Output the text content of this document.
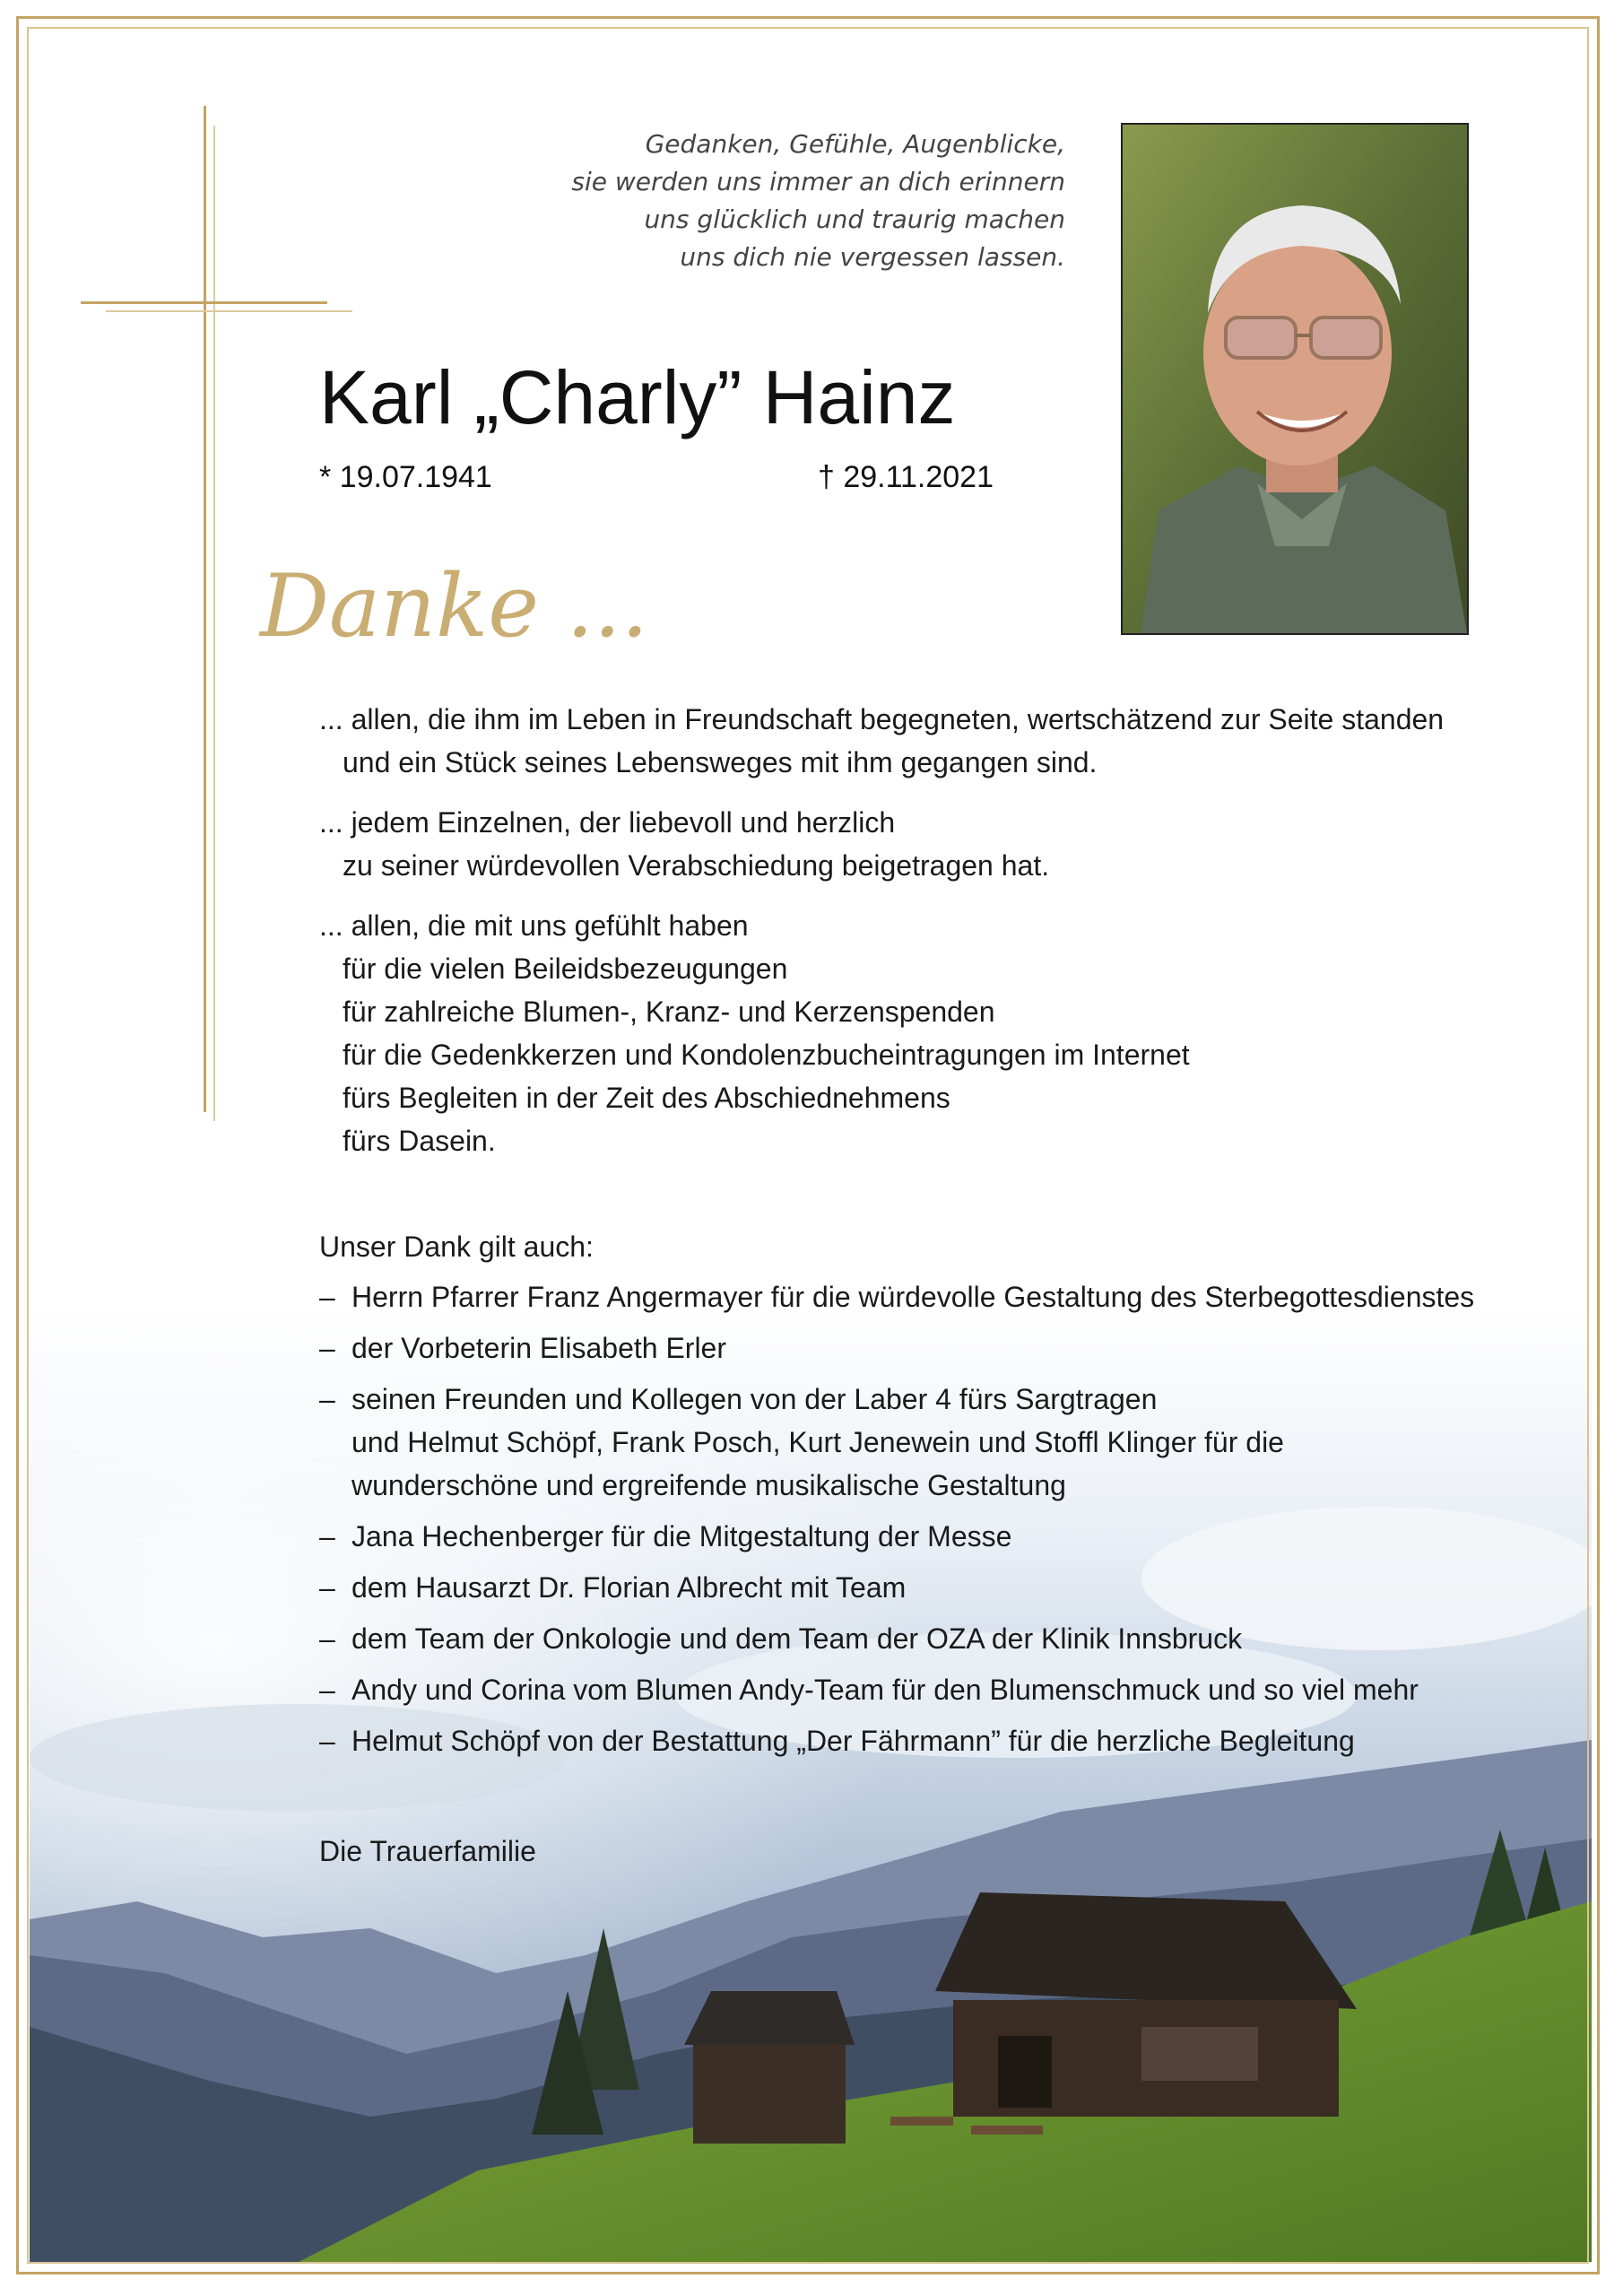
Gedanken, Gefühle, Augenblicke,
sie werden uns immer an dich erinnern
uns glücklich und traurig machen
uns dich nie vergessen lassen.
Karl „Charly” Hainz
* 19.07.1941	† 29.11.2021
Danke ...
... allen, die ihm im Leben in Freundschaft begegneten, wertschätzend zur Seite standen
und ein Stück seines Lebensweges mit ihm gegangen sind.
... jedem Einzelnen, der liebevoll und herzlich
zu seiner würdevollen Verabschiedung beigetragen hat.
... allen, die mit uns gefühlt haben
für die vielen Beileidsbezeugungen
für zahlreiche Blumen-, Kranz- und Kerzenspenden
für die Gedenkkerzen und Kondolenzbucheintragungen im Internet
fürs Begleiten in der Zeit des Abschiednehmens
fürs Dasein.
Unser Dank gilt auch:
– Herrn Pfarrer Franz Angermayer für die würdevolle Gestaltung des Sterbegottesdienstes
– der Vorbeterin Elisabeth Erler
– seinen Freunden und Kollegen von der Laber 4 fürs Sargtragen
und Helmut Schöpf, Frank Posch, Kurt Jenewein und Stoffl Klinger für die
wunderschöne und ergreifende musikalische Gestaltung
– Jana Hechenberger für die Mitgestaltung der Messe
– dem Hausarzt Dr. Florian Albrecht mit Team
– dem Team der Onkologie und dem Team der OZA der Klinik Innsbruck
– Andy und Corina vom Blumen Andy-Team für den Blumenschmuck und so viel mehr
– Helmut Schöpf von der Bestattung „Der Fährmann” für die herzliche Begleitung
Die Trauerfamilie
